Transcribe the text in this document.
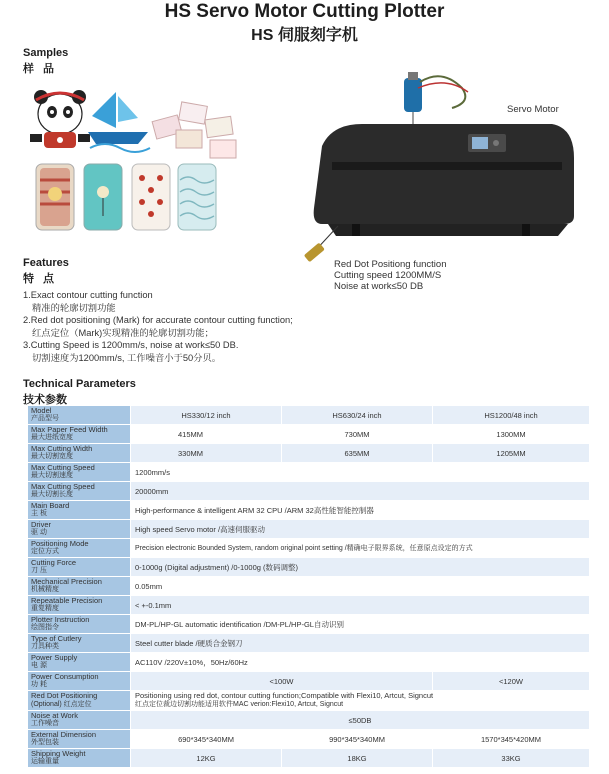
HS Servo Motor Cutting Plotter
HS 伺服刻字机
Samples
样 品
Servo Motor
Red Dot Positiong function
Cutting speed 1200MM/S
Noise at work≤50 DB
Features
特 点
1.Exact contour cutting function
精准的轮廓切割功能
2.Red dot positioning (Mark) for accurate contour cutting function;
红点定位（Mark)实现精准的轮廓切割功能；
3.Cutting Speed is 1200mm/s, noise at work≤50 DB.
切割速度为1200mm/s, 工作噪音小于50分贝。
Technical Parameters
技术参数
Model
产品型号	HS330/12 inch	HS630/24 inch	HS1200/48 inch

Max Paper Feed Width
最大进纸宽度	415MM	730MM	1300MM

Max Cutting Width
最大切割宽度	330MM	635MM	1205MM

Max Cutting Speed
最大切割速度	1200mm/s		

Max Cutting Speed
最大切割长度	20000mm		

Main Board
主 板	High-performance & intelligent ARM 32 CPU /ARM 32高性能智能控制器		

Driver
驱 动	High speed Servo motor /高速伺服驱动		

Positioning Mode
定位方式	Precision electronic Bounded System, random original point setting /精确电子限界系统，任意原点设定的方式		

Cutting Force
刀 压	0-1000g (Digital adjustment) /0-1000g (数码调整)		

Mechanical Precision
机械精度	0.05mm		

Repeatable Precision
重复精度	< +-0.1mm		

Plotter Instruction
绘图指令	DM-PL/HP-GL automatic identification /DM-PL/HP-GL自动识别		

Type of Cutlery
刀具种类	Steel cutter blade /硬质合金钢刀		

Power Supply
电 源	AC110V /220V±10%，50Hz/60Hz		

Power Consumption
功 耗	<100W		<120W

Red Dot Positioning
(Optional) 红点定位	Positioning using red dot, contour cutting function;Compatible with Flexi10, Artcut, Signcut
红点定位裁边切割功能适用软件MAC verion:Flexi10, Artcut, Signcut		

Noise at Work
工作噪音	≤50DB		

External Dimension
外型包装	690*345*340MM	990*345*340MM	1570*345*420MM

Shipping Weight
运输重量	12KG	18KG	33KG
